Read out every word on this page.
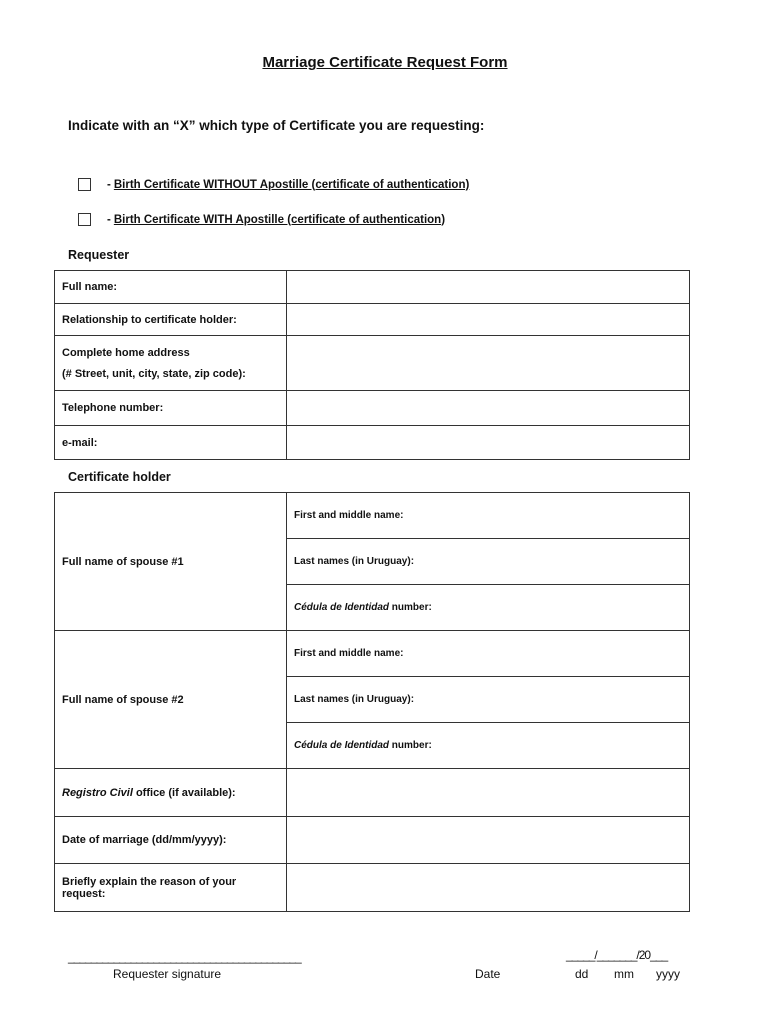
Marriage Certificate Request Form
Indicate with an “X” which type of Certificate you are requesting:
- Birth Certificate WITHOUT Apostille (certificate of authentication)
- Birth Certificate WITH Apostille (certificate of authentication)
Requester
Full name:	
Relationship to certificate holder:	
Complete home address
(# Street, unit, city, state, zip code):	

Telephone number:	
e-mail:	
Certificate holder
Full name of spouse #1	First and middle name:
	Last names (in Uruguay):
	Cédula de Identidad number:
Full name of spouse #2	First and middle name:
	Last names (in Uruguay):
	Cédula de Identidad number:
Registro Civil office (if available):	
Date of marriage (dd/mm/yyyy):	
Briefly explain the reason of your
request:	
_________________________________________
Requester signature	Date
_____/_______/20___
dd mm yyyy
